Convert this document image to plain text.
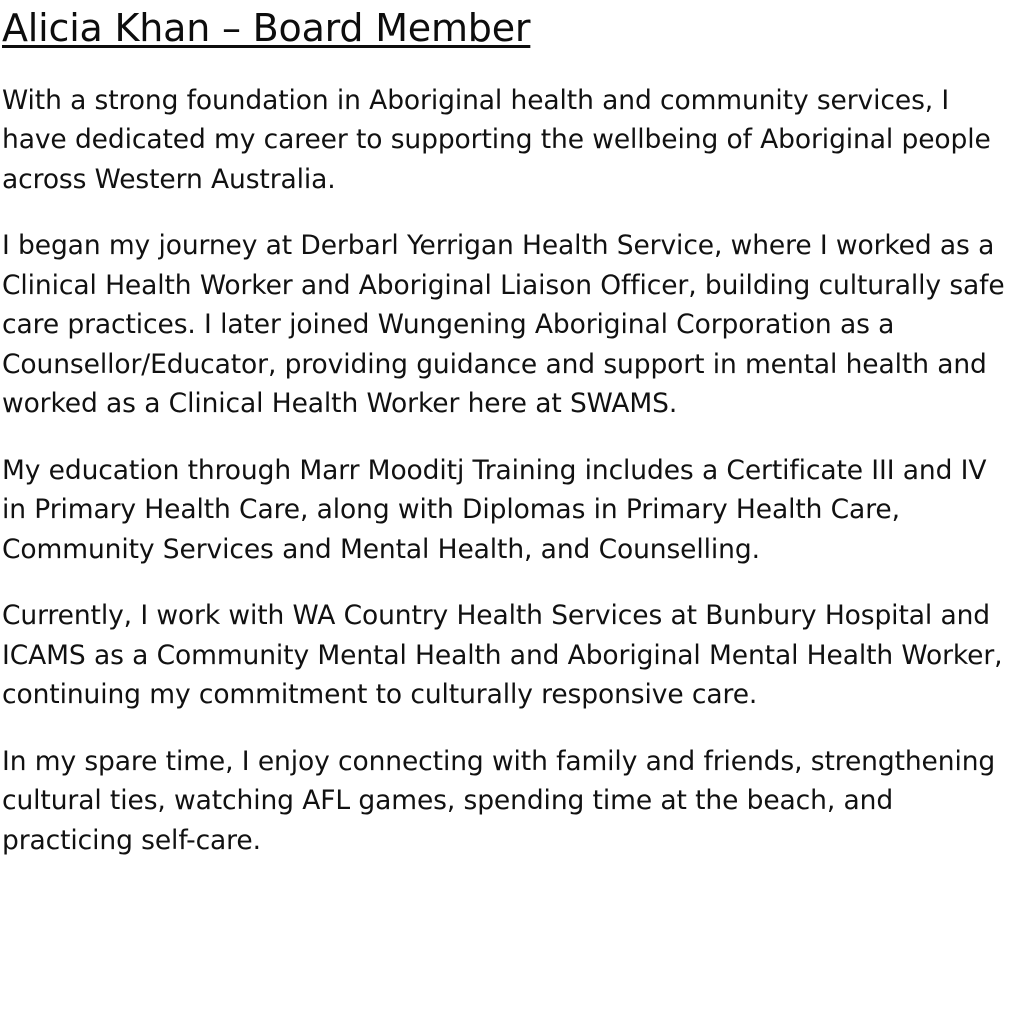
Alicia Khan – Board Member

With a strong foundation in Aboriginal health and community services, I have dedicated my career to supporting the wellbeing of Aboriginal people across Western Australia.

I began my journey at Derbarl Yerrigan Health Service, where I worked as a Clinical Health Worker and Aboriginal Liaison Officer, building culturally safe care practices. I later joined Wungening Aboriginal Corporation as a Counsellor/Educator, providing guidance and support in mental health and worked as a Clinical Health Worker here at SWAMS.

My education through Marr Mooditj Training includes a Certificate III and IV in Primary Health Care, along with Diplomas in Primary Health Care, Community Services and Mental Health, and Counselling.

Currently, I work with WA Country Health Services at Bunbury Hospital and ICAMS as a Community Mental Health and Aboriginal Mental Health Worker, continuing my commitment to culturally responsive care.

In my spare time, I enjoy connecting with family and friends, strengthening cultural ties, watching AFL games, spending time at the beach, and practicing self-care.
